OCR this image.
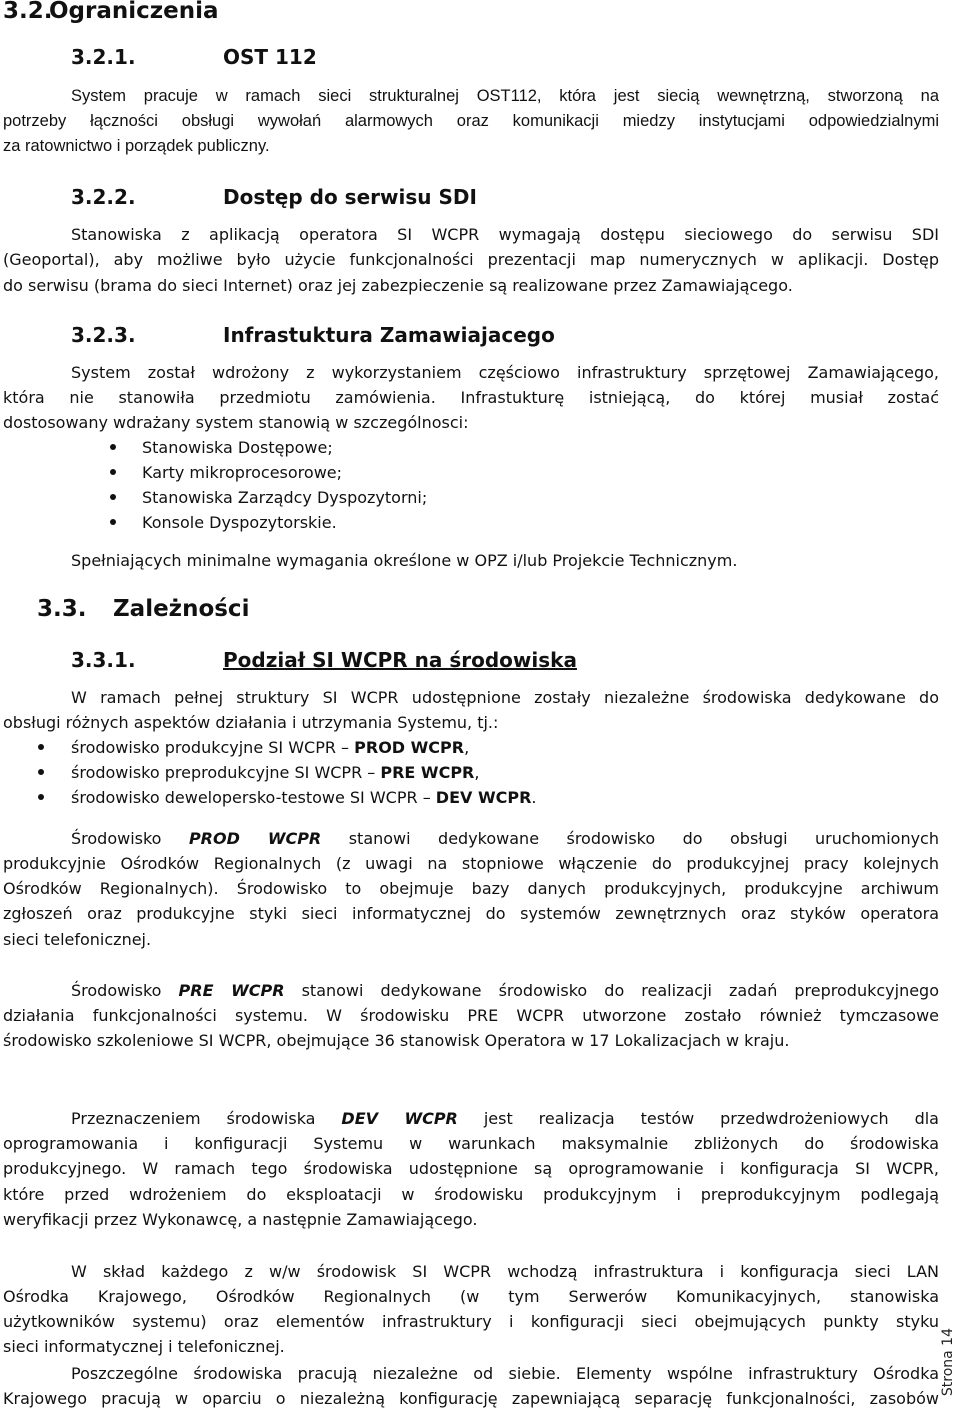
3.2.Ograniczenia
3.2.1.	OST 112
System pracuje w ramach sieci strukturalnej OST112, która jest siecią wewnętrzną, stworzoną na
potrzeby łączności obsługi wywołań alarmowych oraz komunikacji miedzy instytucjami odpowiedzialnymi
za ratownictwo i porządek publiczny.
3.2.2.	Dostęp do serwisu SDI
Stanowiska z aplikacją operatora SI WCPR wymagają dostępu sieciowego do serwisu SDI
(Geoportal), aby możliwe było użycie funkcjonalności prezentacji map numerycznych w aplikacji. Dostęp
do serwisu (brama do sieci Internet) oraz jej zabezpieczenie są realizowane przez Zamawiającego.
3.2.3.	Infrastuktura Zamawiajacego
System został wdrożony z wykorzystaniem częściowo infrastruktury sprzętowej Zamawiającego,
która nie stanowiła przedmiotu zamówienia. Infrastukturę istniejącą, do której musiał zostać
dostosowany wdrażany system stanowią w szczególnosci:
Stanowiska Dostępowe;
Karty mikroprocesorowe;
Stanowiska Zarządcy Dyspozytorni;
Konsole Dyspozytorskie.
Spełniających minimalne wymagania określone w OPZ i/lub Projekcie Technicznym.
3.3. Zależności
3.3.1.	Podział SI WCPR na środowiska
W ramach pełnej struktury SI WCPR udostępnione zostały niezależne środowiska dedykowane do
obsługi różnych aspektów działania i utrzymania Systemu, tj.:
środowisko produkcyjne SI WCPR – PROD WCPR,
środowisko preprodukcyjne SI WCPR – PRE WCPR,
środowisko dewelopersko-testowe SI WCPR – DEV WCPR.
Środowisko PROD WCPR stanowi dedykowane środowisko do obsługi uruchomionych
produkcyjnie Ośrodków Regionalnych (z uwagi na stopniowe włączenie do produkcyjnej pracy kolejnych
Ośrodków Regionalnych). Środowisko to obejmuje bazy danych produkcyjnych, produkcyjne archiwum
zgłoszeń oraz produkcyjne styki sieci informatycznej do systemów zewnętrznych oraz styków operatora
sieci telefonicznej.
Środowisko PRE WCPR stanowi dedykowane środowisko do realizacji zadań preprodukcyjnego
działania funkcjonalności systemu. W środowisku PRE WCPR utworzone zostało również tymczasowe
środowisko szkoleniowe SI WCPR, obejmujące 36 stanowisk Operatora w 17 Lokalizacjach w kraju.
Przeznaczeniem środowiska DEV WCPR jest realizacja testów przedwdrożeniowych dla
oprogramowania i konfiguracji Systemu w warunkach maksymalnie zbliżonych do środowiska
produkcyjnego. W ramach tego środowiska udostępnione są oprogramowanie i konfiguracja SI WCPR,
które przed wdrożeniem do eksploatacji w środowisku produkcyjnym i preprodukcyjnym podlegają
weryfikacji przez Wykonawcę, a następnie Zamawiającego.
W skład każdego z w/w środowisk SI WCPR wchodzą infrastruktura i konfiguracja sieci LAN
Ośrodka Krajowego, Ośrodków Regionalnych (w tym Serwerów Komunikacyjnych, stanowiska
użytkowników systemu) oraz elementów infrastruktury i konfiguracji sieci obejmujących punkty styku
sieci informatycznej i telefonicznej.
Poszczególne środowiska pracują niezależne od siebie. Elementy wspólne infrastruktury Ośrodka
Krajowego pracują w oparciu o niezależną konfigurację zapewniającą separację funkcjonalności, zasobów
Strona 14
